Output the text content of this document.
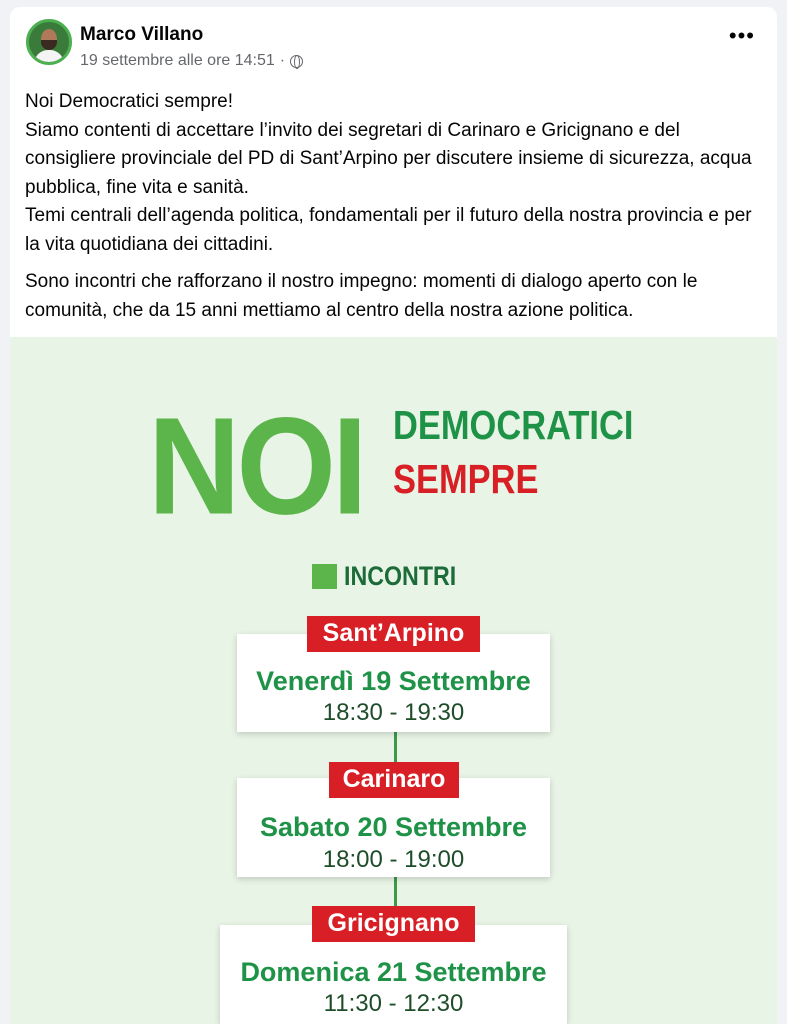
Marco Villano
19 settembre alle ore 14:51 ·
•••

Noi Democratici sempre!
Siamo contenti di accettare l’invito dei segretari di Carinaro e Gricignano e del consigliere provinciale del PD di Sant’Arpino per discutere insieme di sicurezza, acqua pubblica, fine vita e sanità.
Temi centrali dell’agenda politica, fondamentali per il futuro della nostra provincia e per la vita quotidiana dei cittadini.

Sono incontri che rafforzano il nostro impegno: momenti di dialogo aperto con le comunità, che da 15 anni mettiamo al centro della nostra azione politica.

NOI DEMOCRATICI
SEMPRE
INCONTRI
Venerdì 19 Settembre
18:30 - 19:30
Sant’Arpino
Sabato 20 Settembre
18:00 - 19:00
Carinaro
Domenica 21 Settembre
11:30 - 12:30
Gricignano
